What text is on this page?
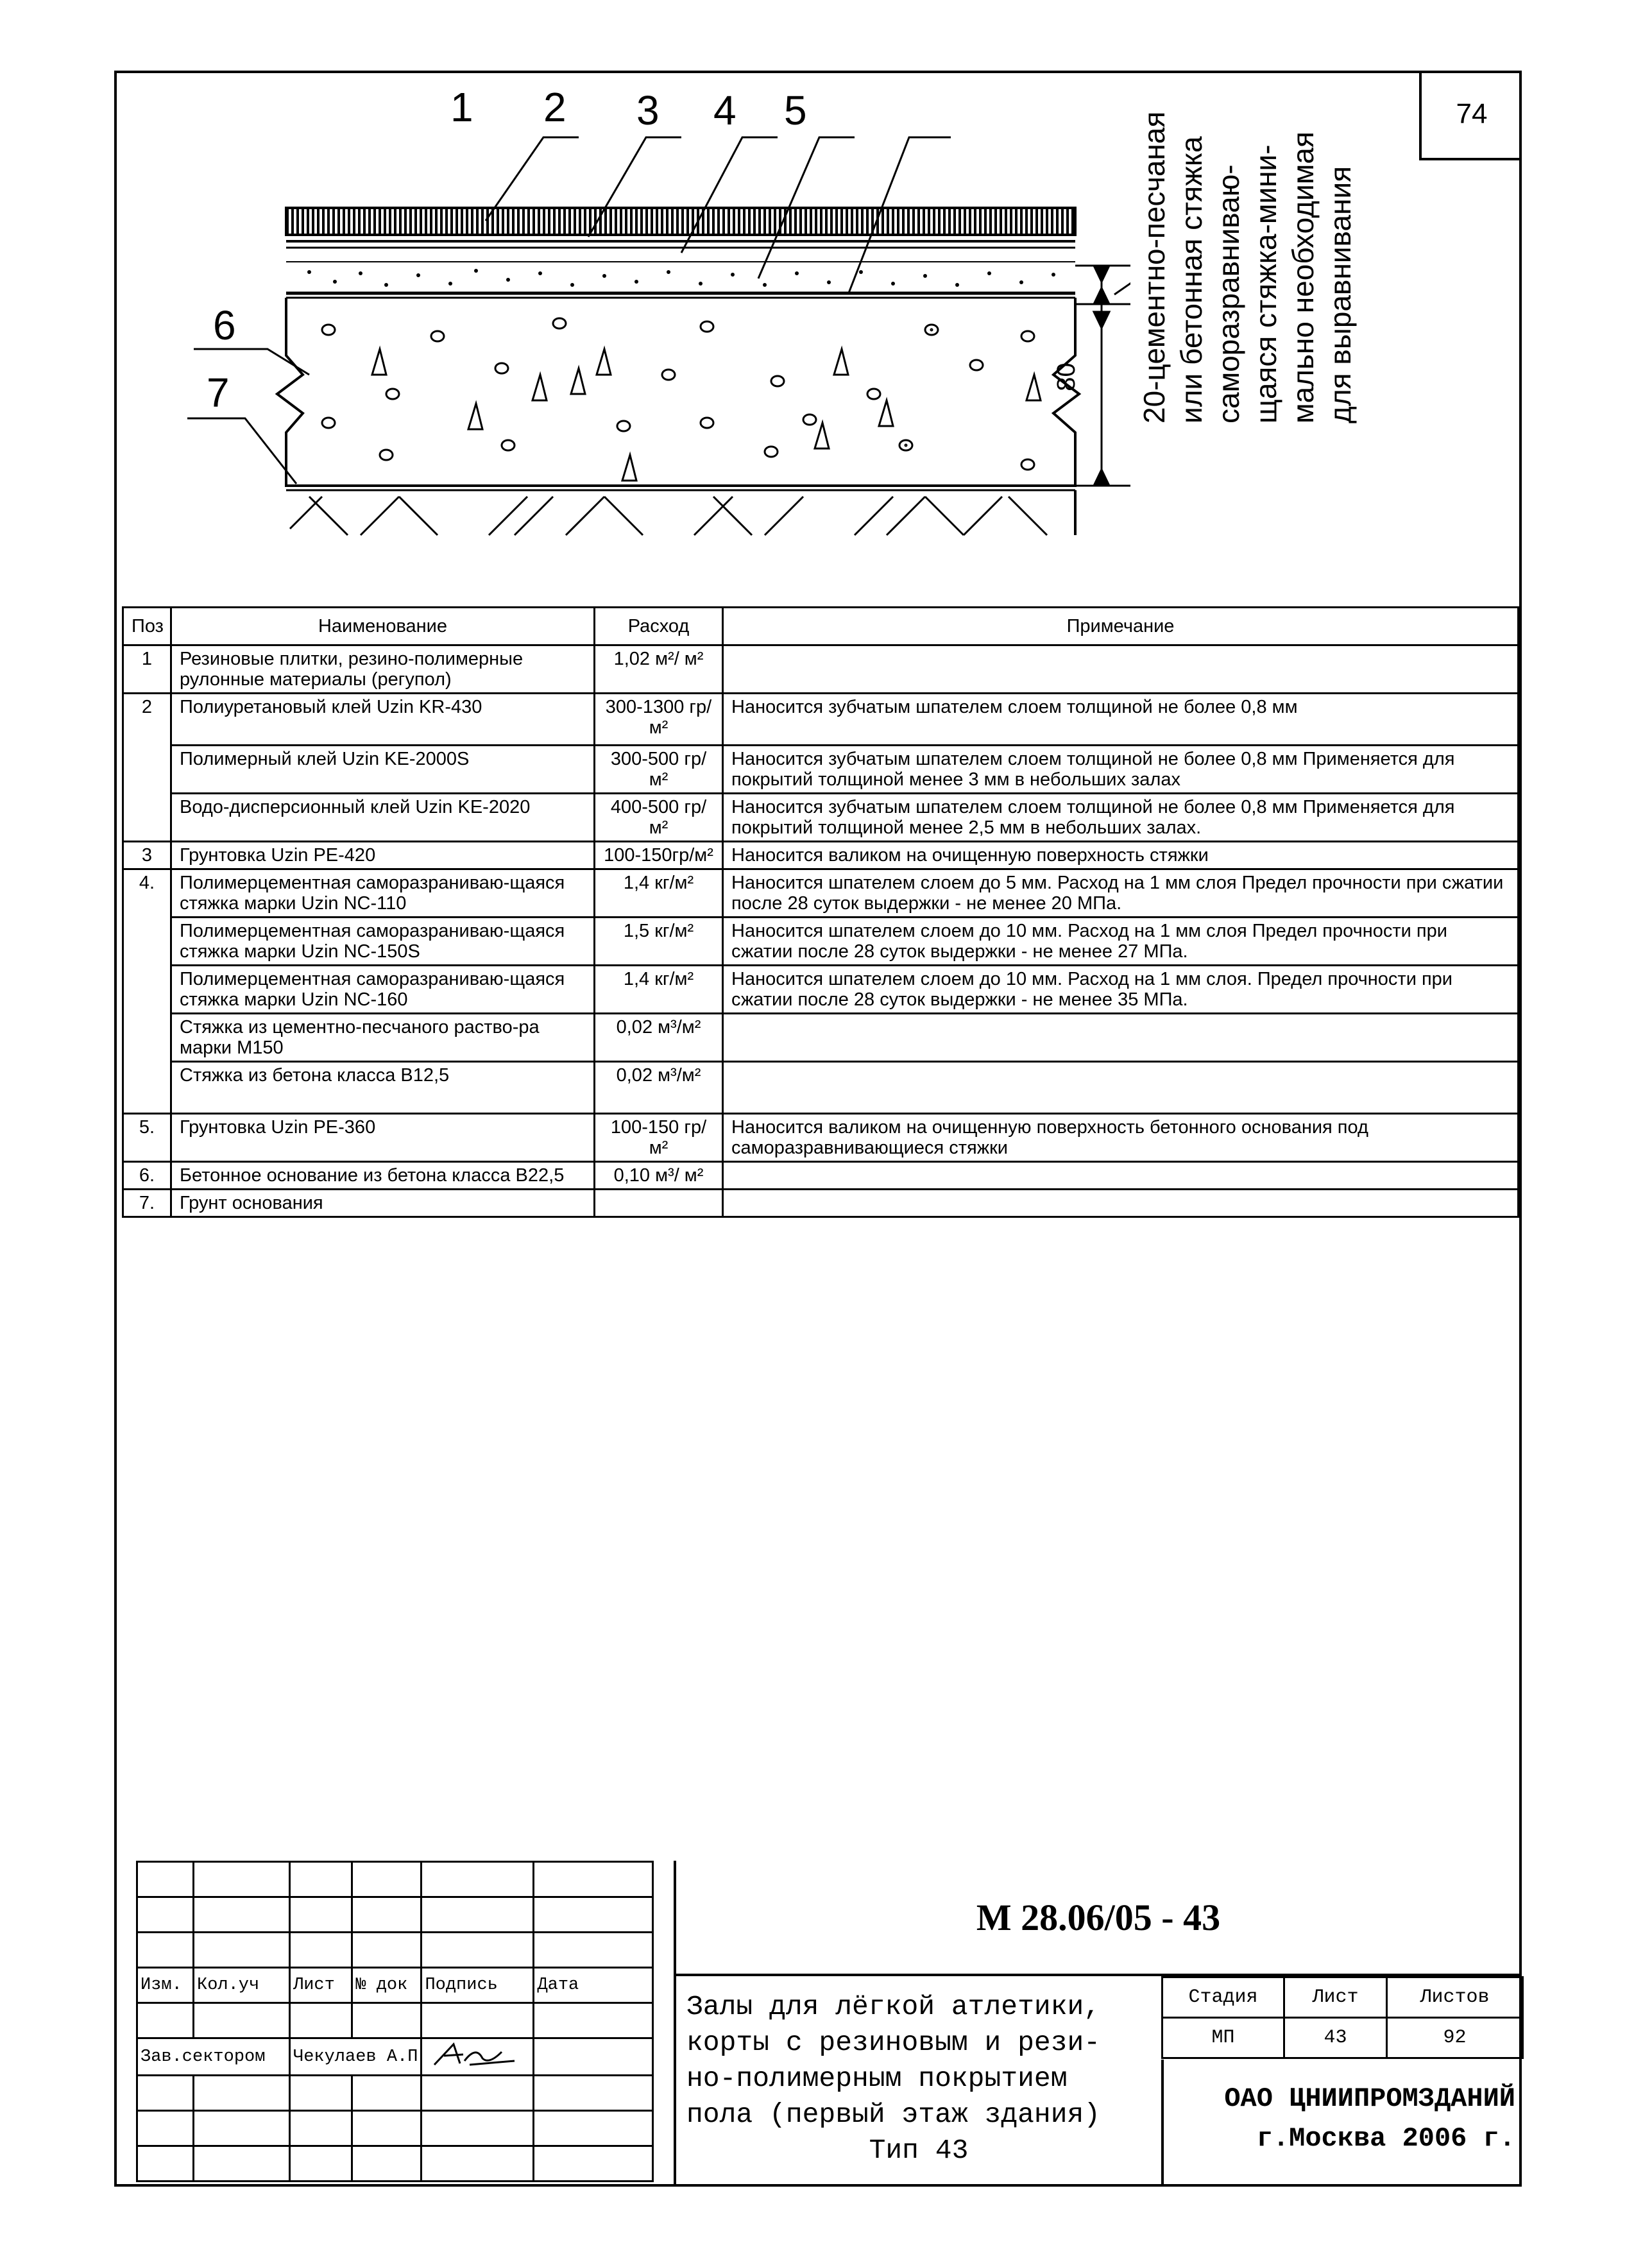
74
1 2 3 4 5
6
7	80 20-цементно-песчаная или бетонная стяжка саморазравниваю- щаяся стяжка-мини- мально необходимая для выравнивания
Поз	Наименование	Расход	Примечание
1	Резиновые плитки, резино-полимерные рулонные материалы (регупол)	1,02 м²/ м²	
2	Полиуретановый клей Uzin KR-430	300-1300 гр/м²	Наносится зубчатым шпателем слоем толщиной не более 0,8 мм
	Полимерный клей Uzin KE-2000S	300-500 гр/м²	Наносится зубчатым шпателем слоем толщиной не более 0,8 мм Применяется для покрытий толщиной менее 3 мм в небольших залах
	Водо-дисперсионный клей Uzin KE-2020	400-500 гр/м²	Наносится зубчатым шпателем слоем толщиной не более 0,8 мм Применяется для покрытий толщиной менее 2,5 мм в небольших залах.
3	Грунтовка Uzin PE-420	100-150гр/м²	Наносится валиком на очищенную поверхность стяжки
4.	Полимерцементная саморазраниваю-щаяся стяжка марки Uzin NC-110	1,4 кг/м²	Наносится шпателем слоем до 5 мм. Расход на 1 мм слоя Предел прочности при сжатии после 28 суток выдержки - не менее 20 МПа.
	Полимерцементная саморазраниваю-щаяся стяжка марки Uzin NC-150S	1,5 кг/м²	Наносится шпателем слоем до 10 мм. Расход на 1 мм слоя Предел прочности при сжатии после 28 суток выдержки - не менее 27 МПа.
	Полимерцементная саморазраниваю-щаяся стяжка марки Uzin NC-160	1,4 кг/м²	Наносится шпателем слоем до 10 мм. Расход на 1 мм слоя. Предел прочности при сжатии после 28 суток выдержки - не менее 35 МПа.
	Стяжка из цементно-песчаного раство-ра марки М150	0,02 м³/м²	
	Стяжка из бетона класса В12,5	0,02 м³/м²	
5.	Грунтовка Uzin PE-360	100-150 гр/м²	Наносится валиком на очищенную поверхность бетонного основания под саморазравнивающиеся стяжки
6.	Бетонное основание из бетона класса В22,5	0,10 м³/ м²	
7.	Грунт основания		

Изм.	Кол.уч	Лист	№ док	Подпись	Дата

Зав.сектором		Чекулаев А.П		

М 28.06/05 - 43
Залы для лёгкой атлетики,
корты с резиновым и рези-
но-полимерным покрытием
пола (первый этаж здания)
Тип 43
Стадия	Лист	Листов
МП	43	92
ОАО ЦНИИПРОМЗДАНИЙ
г.Москва 2006 г.
